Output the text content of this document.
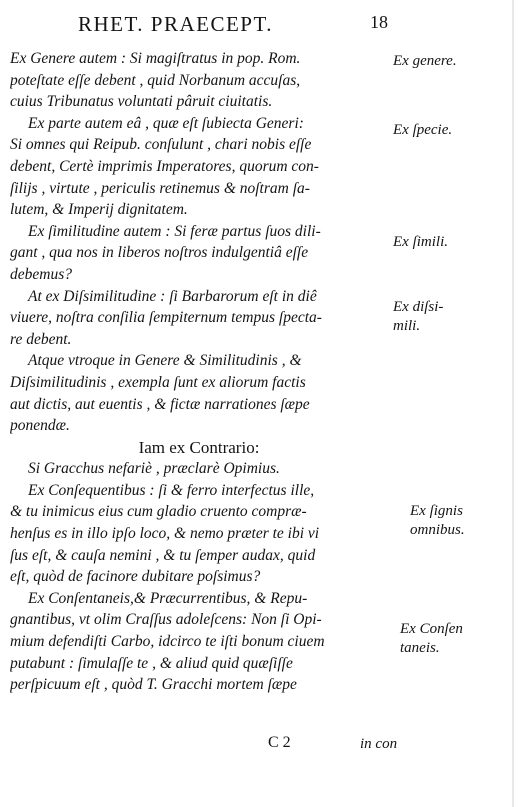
RHET. PRAECEPT.	18
Ex Genere autem : Si magiſtratus in pop. Rom.
poteſtate eſſe debent , quid Norbanum accuſas,
cuius Tribunatus voluntati pâruit ciuitatis.
Ex parte autem eâ , quæ eſt ſubiecta Generi:
Si omnes qui Reipub. conſulunt , chari nobis eſſe
debent, Certè imprimis Imperatores, quorum con-
ſilijs , virtute , periculis retinemus & noſtram ſa-
lutem, & Imperij dignitatem.
Ex ſimilitudine autem : Si feræ partus ſuos dili-
gant , qua nos in liberos noſtros indulgentiâ eſſe
debemus?
At ex Diſsimilitudine : ſi Barbarorum eſt in diê
viuere, noſtra conſilia ſempiternum tempus ſpecta-
re debent.
Atque vtroque in Genere & Similitudinis , &
Diſsimilitudinis , exempla ſunt ex aliorum factis
aut dictis, aut euentis , & fictæ narrationes ſæpe
ponendæ.
Iam ex Contrario:
Si Gracchus nefariè , præclarè Opimius.
Ex Conſequentibus : ſi & ferro interfectus ille,
& tu inimicus eius cum gladio cruento compræ-
henſus es in illo ipſo loco, & nemo præter te ibi vi
ſus eſt, & cauſa nemini , & tu ſemper audax, quid
eſt, quòd de facinore dubitare poſsimus?
Ex Conſentaneis,& Præcurrentibus, & Repu-
gnantibus, vt olim Craſſus adoleſcens: Non ſi Opi-
mium defendiſti Carbo, idcirco te iſti bonum ciuem
putabunt : ſimulaſſe te , & aliud quid quæſiſſe
perſpicuum eſt , quòd T. Gracchi mortem ſæpe
Ex genere.
Ex ſpecie.
Ex ſimili.
Ex diſsi-
mili.
Ex ſignis
omnibus.
Ex Conſen
taneis.
C 2	in con
